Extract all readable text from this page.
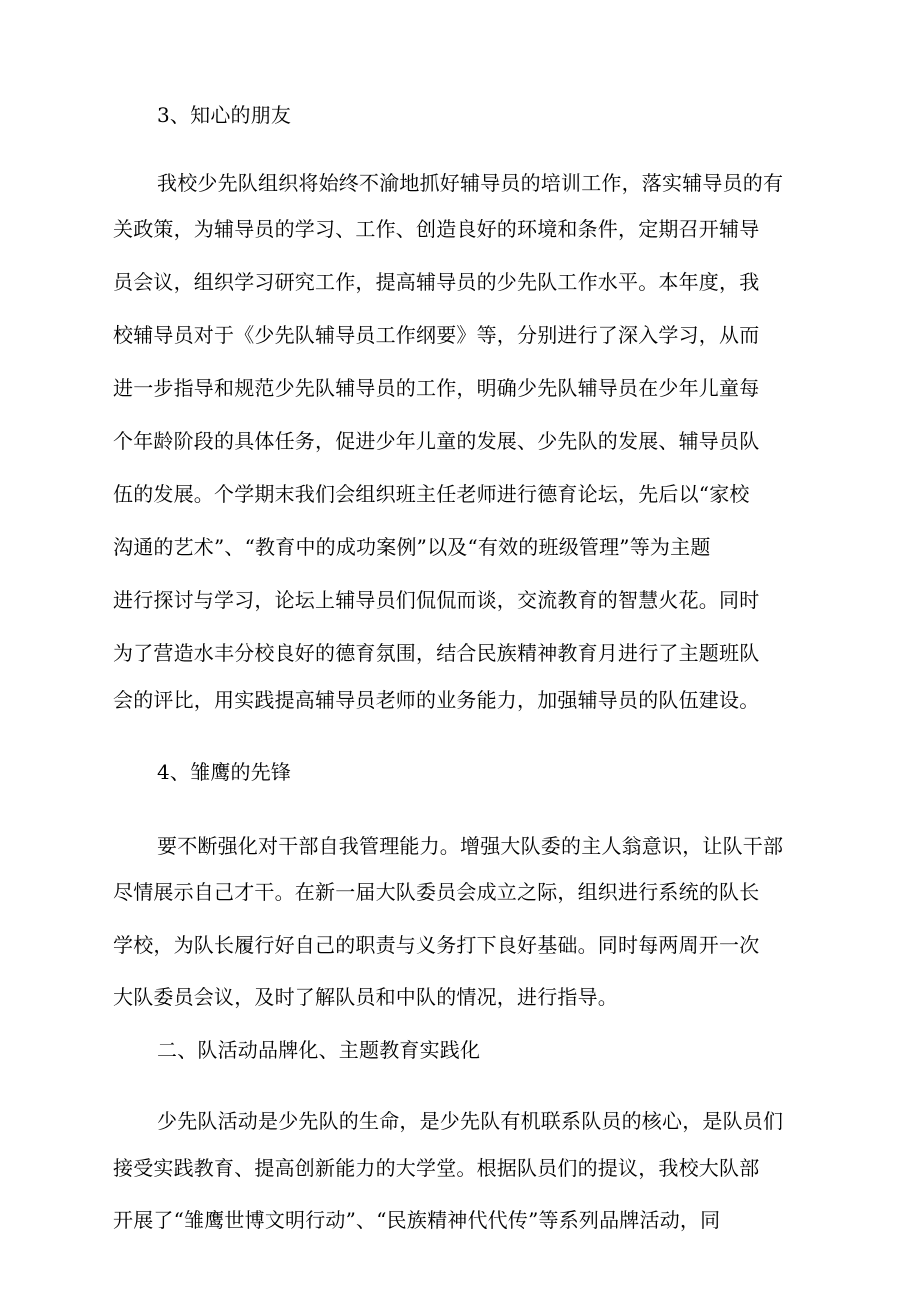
3、知心的朋友
我校少先队组织将始终不渝地抓好辅导员的培训工作，落实辅导员的有
关政策，为辅导员的学习、工作、创造良好的环境和条件，定期召开辅导
员会议，组织学习研究工作，提高辅导员的少先队工作水平。本年度，我
校辅导员对于《少先队辅导员工作纲要》等，分别进行了深入学习，从而
进一步指导和规范少先队辅导员的工作，明确少先队辅导员在少年儿童每
个年龄阶段的具体任务，促进少年儿童的发展、少先队的发展、辅导员队
伍的发展。个学期末我们会组织班主任老师进行德育论坛，先后以“家校
沟通的艺术”、“教育中的成功案例”以及“有效的班级管理”等为主题
进行探讨与学习，论坛上辅导员们侃侃而谈，交流教育的智慧火花。同时
为了营造水丰分校良好的德育氛围，结合民族精神教育月进行了主题班队
会的评比，用实践提高辅导员老师的业务能力，加强辅导员的队伍建设。
4、雏鹰的先锋
要不断强化对干部自我管理能力。增强大队委的主人翁意识，让队干部
尽情展示自己才干。在新一届大队委员会成立之际，组织进行系统的队长
学校，为队长履行好自己的职责与义务打下良好基础。同时每两周开一次
大队委员会议，及时了解队员和中队的情况，进行指导。
二、队活动品牌化、主题教育实践化
少先队活动是少先队的生命，是少先队有机联系队员的核心，是队员们
接受实践教育、提高创新能力的大学堂。根据队员们的提议，我校大队部
开展了“雏鹰世博文明行动”、“民族精神代代传”等系列品牌活动，同
